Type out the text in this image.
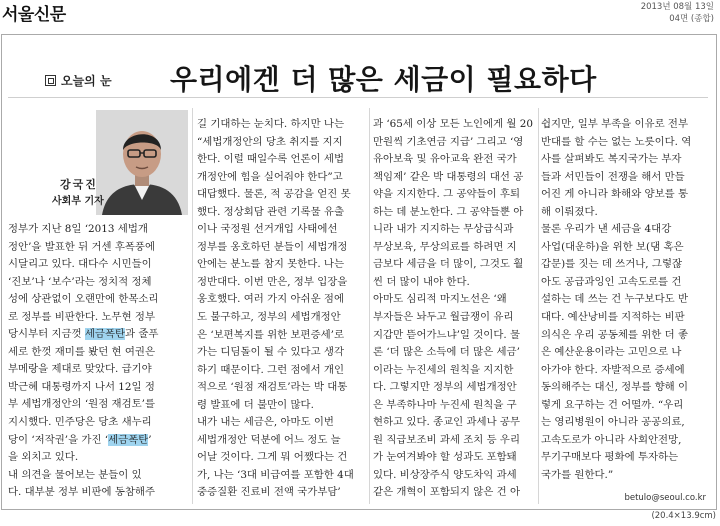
서울신문	2013년 08월 13일
04면 (종합)
오늘의 눈 우리에겐 더 많은 세금이 필요하다
강국진
사회부 기자
정부가 지난 8일 ‘2013 세법개
정안’을 발표한 뒤 거센 후폭풍에
시달리고 있다. 대다수 시민들이
‘진보’나 ‘보수’라는 정치적 정체
성에 상관없이 오랜만에 한목소리
로 정부를 비판한다. 노무현 정부
당시부터 지금껏 세금폭탄과 줄푸
세로 한껏 재미를 봤던 현 여권은
부메랑을 제대로 맞았다. 급기야
박근혜 대통령까지 나서 12일 정
부 세법개정안의 ‘원점 재검토’를
지시했다. 민주당은 당초 새누리
당이 ‘저작권’을 가진 ‘세금폭탄’
을 외치고 있다.
내 의견을 물어보는 분들이 있
다. 대부분 정부 비판에 동참해주
길 기대하는 눈치다. 하지만 나는
“세법개정안의 당초 취지를 지지
한다. 이럴 때일수록 언론이 세법
개정안에 힘을 실어줘야 한다”고
대답했다. 물론, 적 공감을 얻진 못
했다. 정상회담 관련 기록물 유출
이나 국정원 선거개입 사태에선
정부를 옹호하던 분들이 세법개정
안에는 분노를 참지 못한다. 나는
정반대다. 이번 만은, 정부 입장을
옹호했다. 여러 가지 아쉬운 점에
도 불구하고, 정부의 세법개정안
은 ‘보편복지를 위한 보편증세’로
가는 디딤돌이 될 수 있다고 생각
하기 때문이다. 그런 점에서 개인
적으로 ‘원점 재검토’라는 박 대통
령 발표에 더 불만이 많다.
내가 내는 세금은, 아마도 이번
세법개정안 덕분에 어느 정도 늘
어날 것이다. 그게 뭐 어쨌다는 건
가, 나는 ‘3대 비급여를 포함한 4대
중증질환 진료비 전액 국가부담’
과 ‘65세 이상 모든 노인에게 월 20
만원씩 기초연금 지급’ 그리고 ‘영
유아보육 및 유아교육 완전 국가
책임제’ 같은 박 대통령의 대선 공
약을 지지한다. 그 공약들이 후퇴
하는 데 분노한다. 그 공약들뿐 아
니라 내가 지지하는 무상급식과
무상보육, 무상의료를 하려면 지
금보다 세금을 더 많이, 그것도 훨
씬 더 많이 내야 한다.
아마도 심리적 마지노선은 ‘왜
부자들은 놔두고 월급쟁이 유리
지갑만 뜯어가느냐’일 것이다. 물
론 ‘더 많은 소득에 더 많은 세금’
이라는 누진세의 원칙을 지지한
다. 그렇지만 정부의 세법개정안
은 부족하나마 누진세 원칙을 구
현하고 있다. 종교인 과세나 공무
원 직급보조비 과세 조치 등 우리
가 눈여겨봐야 할 성과도 포함돼
있다. 비상장주식 양도차익 과세
같은 개혁이 포함되지 않은 건 아
쉽지만, 일부 부족을 이유로 전부
반대를 할 수는 없는 노릇이다. 역
사를 살펴봐도 복지국가는 부자
들과 서민들이 전쟁을 해서 만들
어진 게 아니라 화해와 양보를 통
해 이뤄졌다.
물론 우리가 낸 세금을 4대강
사업(대운하)을 위한 보(댐 혹은
갑문)를 짓는 데 쓰거나, 그렇잖
아도 공급과잉인 고속도로를 건
설하는 데 쓰는 건 누구보다도 반
대다. 예산낭비를 지적하는 비판
의식은 우리 공동체를 위한 더 좋
은 예산운용이라는 고민으로 나
아가야 한다. 자발적으로 증세에
동의해주는 대신, 정부를 향해 이
렇게 요구하는 건 어떨까. “우리
는 영리병원이 아니라 공공의료,
고속도로가 아니라 사회안전망,
무기구매보다 평화에 투자하는
국가를 원한다.”
betulo@seoul.co.kr
(20.4×13.9cm)
